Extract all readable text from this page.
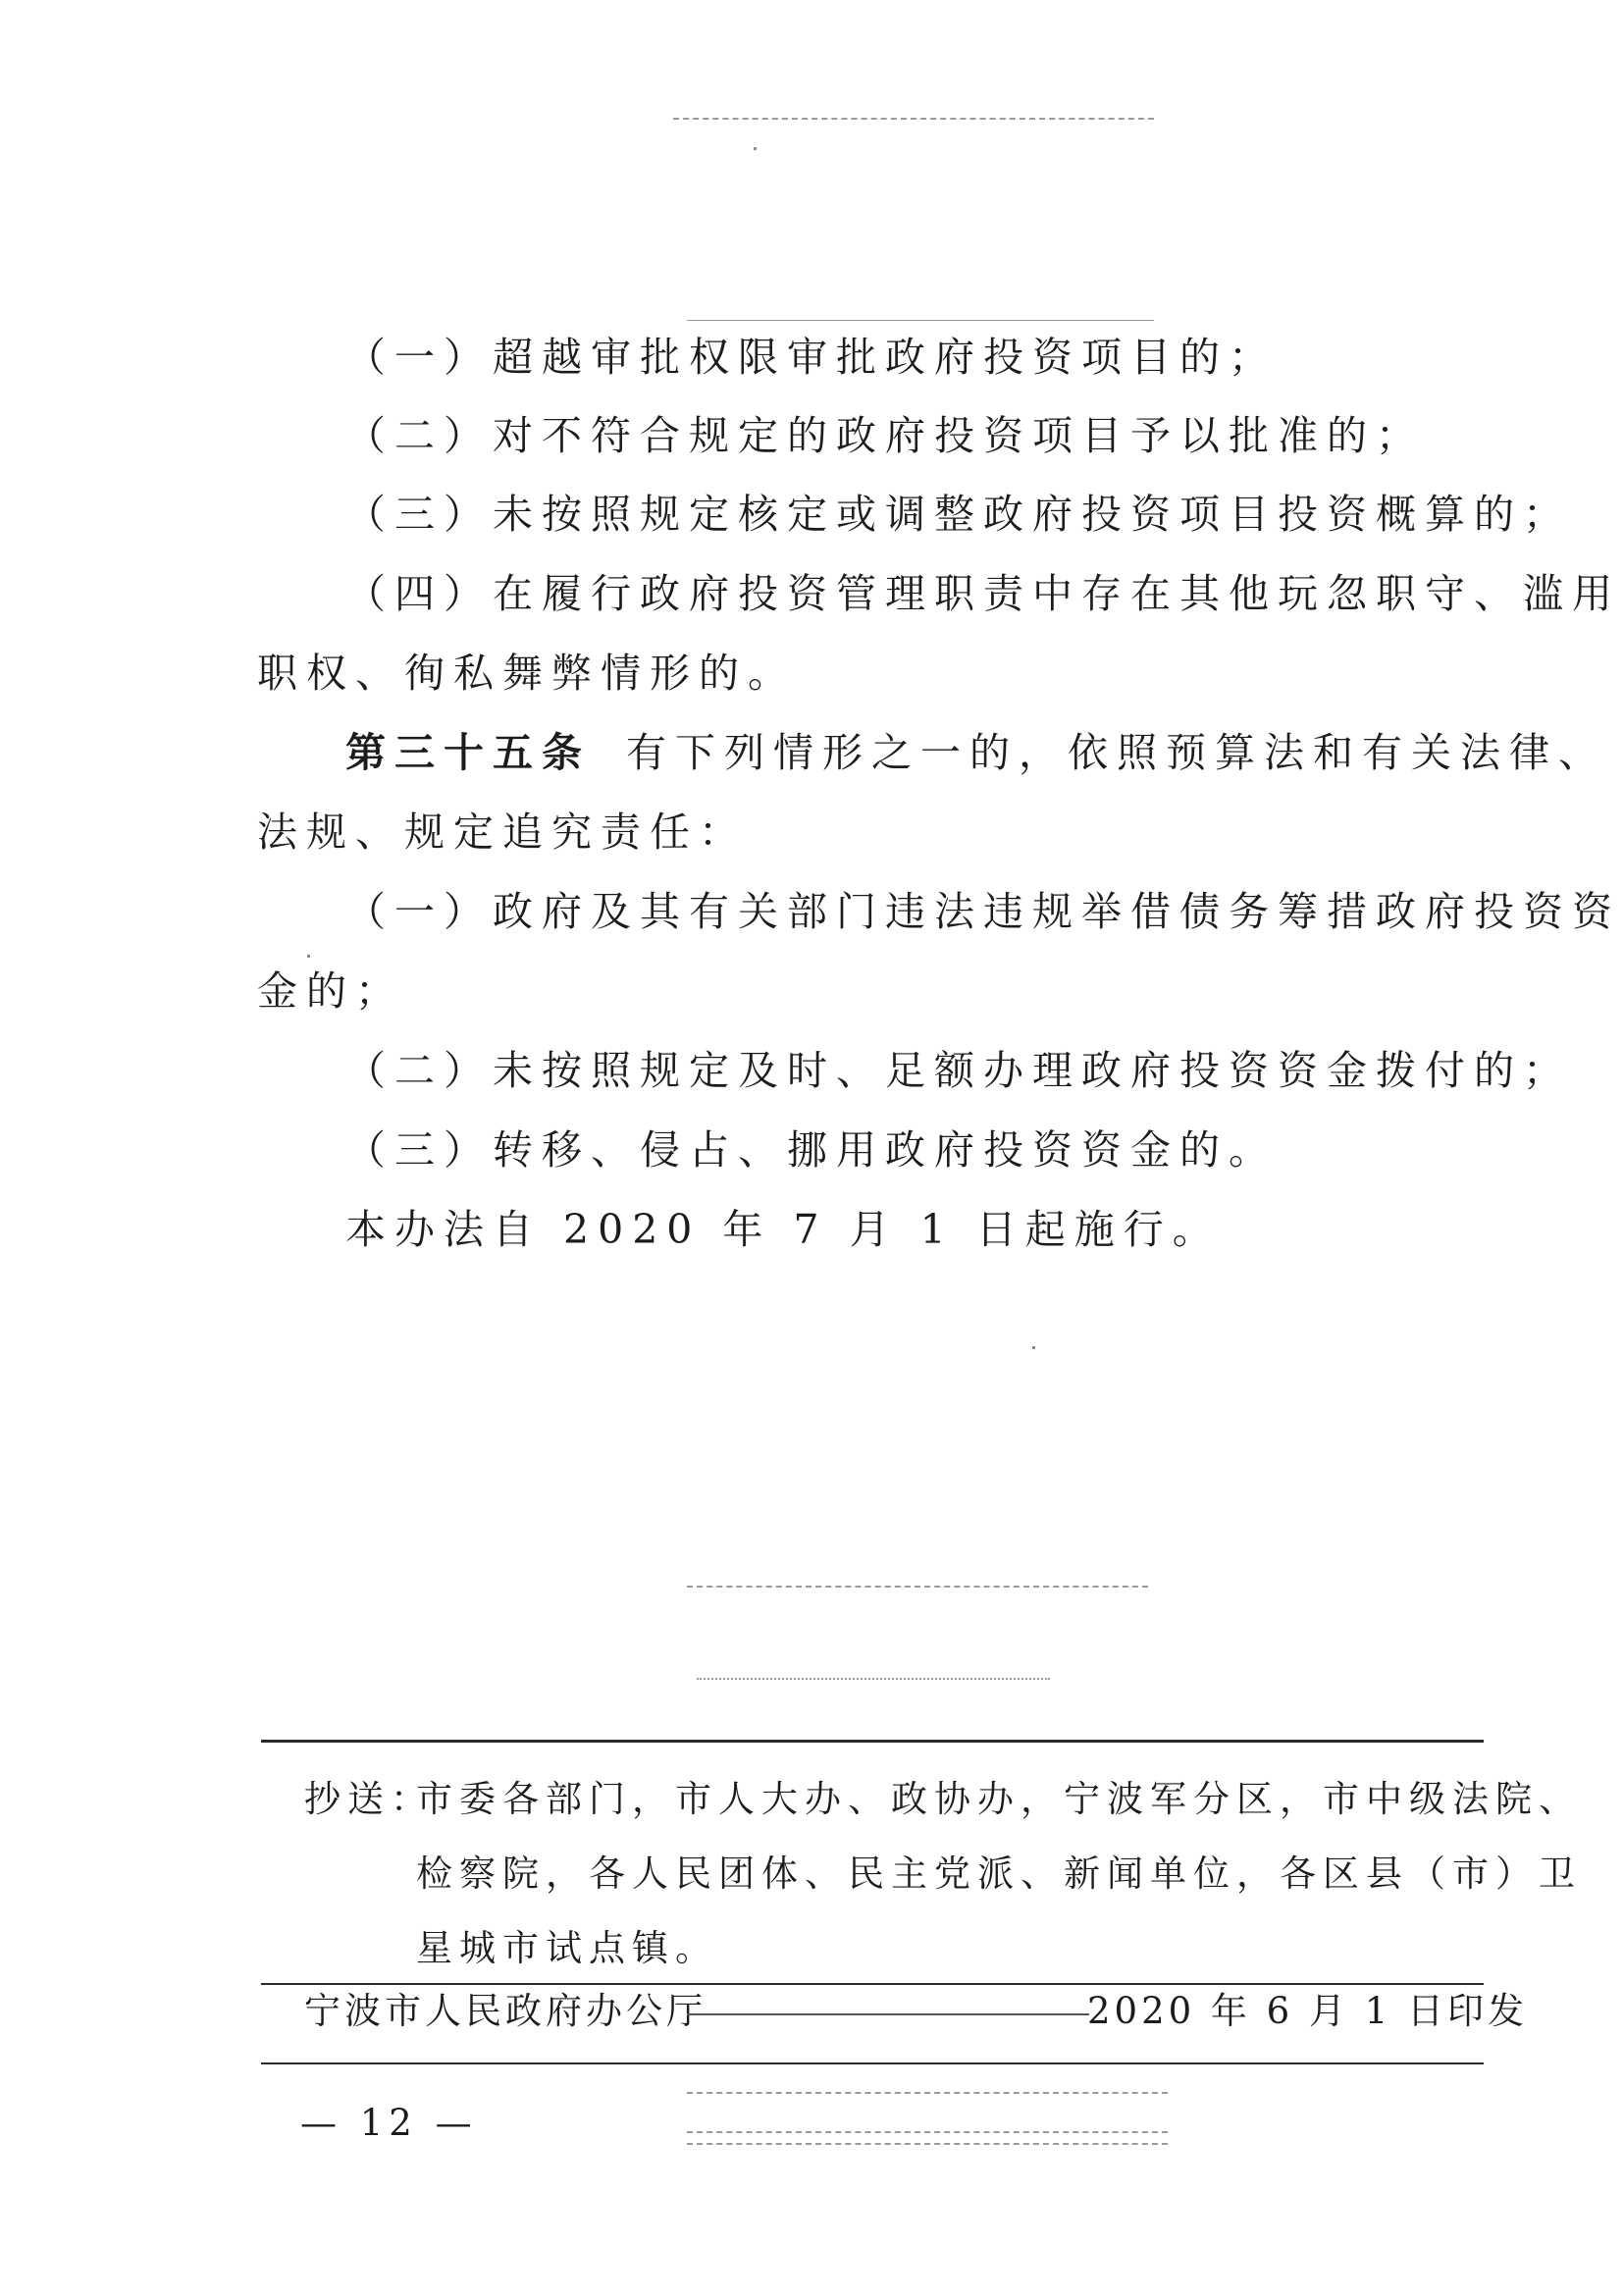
（一）超越审批权限审批政府投资项目的；
（二）对不符合规定的政府投资项目予以批准的；
（三）未按照规定核定或调整政府投资项目投资概算的；
（四）在履行政府投资管理职责中存在其他玩忽职守、滥用
职权、徇私舞弊情形的。
第三十五条 有下列情形之一的，依照预算法和有关法律、
法规、规定追究责任：
（一）政府及其有关部门违法违规举借债务筹措政府投资资
金的；
（二）未按照规定及时、足额办理政府投资资金拨付的；
（三）转移、侵占、挪用政府投资资金的。
本办法自 2020 年 7 月 1 日起施行。
抄送：
市委各部门，市人大办、政协办，宁波军分区，市中级法院、
检察院，各人民团体、民主党派、新闻单位，各区县（市）卫
星城市试点镇。
宁波市人民政府办公厅	2020 年 6 月 1 日印发
— 12 —
